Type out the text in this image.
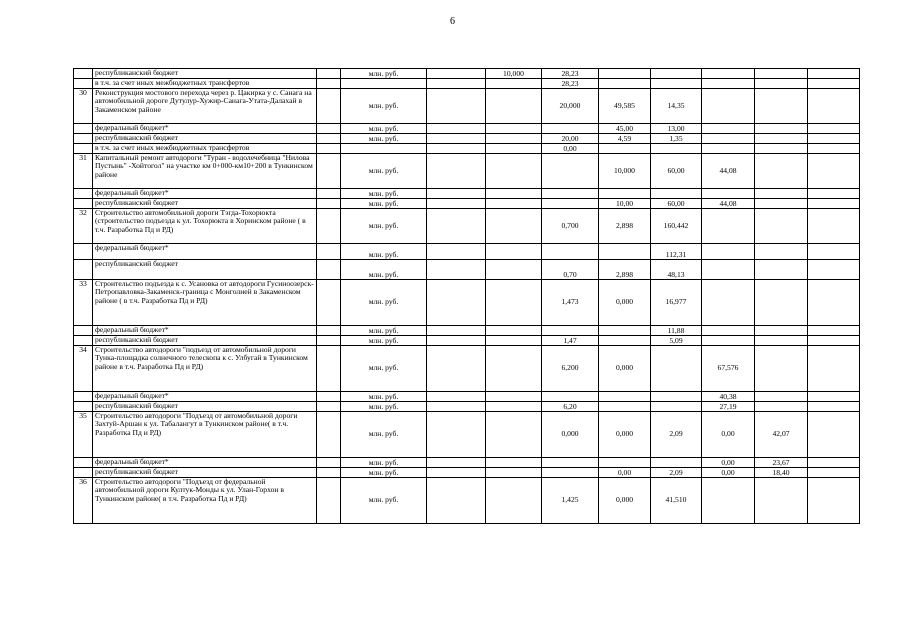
6
	республиканский бюджет		млн. руб.		10,000	28,23					
	в т.ч. за счет иных межбюджетных трансфертов					28,23					
30	Реконструкция мостового перехода через р. Цакирка у с. Санага на автомобильной дороге Дутулур-Хужир-Санага-Утата-Далахай в Закаменском районе		млн. руб.			20,000	49,585	14,35			
	федеральный бюджет*		млн. руб.				45,00	13,00			
	республиканский бюджет		млн. руб.			20,00	4,59	1,35			
	в т.ч. за счет иных межбюджетных трансфертов					0,00					
31	Капитальный ремонт автодороги "Туран - водолечебница "Нилова Пустынь" -Хойтогол" на участке км 0+000-км10+200 в Тункинском районе		млн. руб.				10,000	60,00	44,08		
	федеральный бюджет*		млн. руб.								
	республиканский бюджет		млн. руб.				10,00	60,00	44,08		
32	Строительство автомобильной дороги Тэгда-Тохорюкта (строительство подъезда к ул. Тохорюкта в Хоринском районе ( в т.ч. Разработка Пд и РД)		млн. руб.			0,700	2,898	160,442			
	федеральный бюджет*		млн. руб.					112,31			
	республиканский бюджет		млн. руб.			0,70	2,898	48,13			
33	Строительство подъезда к с. Усановка от автодороги Гусиноозерск-Петропавловка-Закаменск-граница с Монголией в Закаменском районе ( в т.ч. Разработка Пд и РД)		млн. руб.			1,473	0,000	16,977			
	федеральный бюджет*		млн. руб.					11,88			
	республиканский бюджет		млн. руб.			1,47		5,09			
34	Строительство автодороги "подъезд от автомобильной дороги Тунка-площадка солнечного телескопа к с. Улбугай в Тункинском районе в т.ч. Разработка Пд и РД)		млн. руб.			6,200	0,000		67,576		
	федеральный бюджет*		млн. руб.						40,38		
	республиканский бюджет		млн. руб.			6,20			27,19		
35	Строительство автодороги "Подъезд от автомобильной дороги Захтуй-Аршан к ул. Табалангут в Тункинском районе( в т.ч. Разработка Пд и РД)		млн. руб.			0,000	0,000	2,09	0,00	42,07	
	федеральный бюджет*		млн. руб.						0,00	23,67	
	республиканский бюджет		млн. руб.				0,00	2,09	0,00	18,40	
36	Строительство автодороги "Подъезд от федеральной автомобильной дороги Култук-Монды к ул. Улан-Горхон в Тункинском районе( в т.ч. Разработка Пд и РД)		млн. руб.			1,425	0,000	41,510			
